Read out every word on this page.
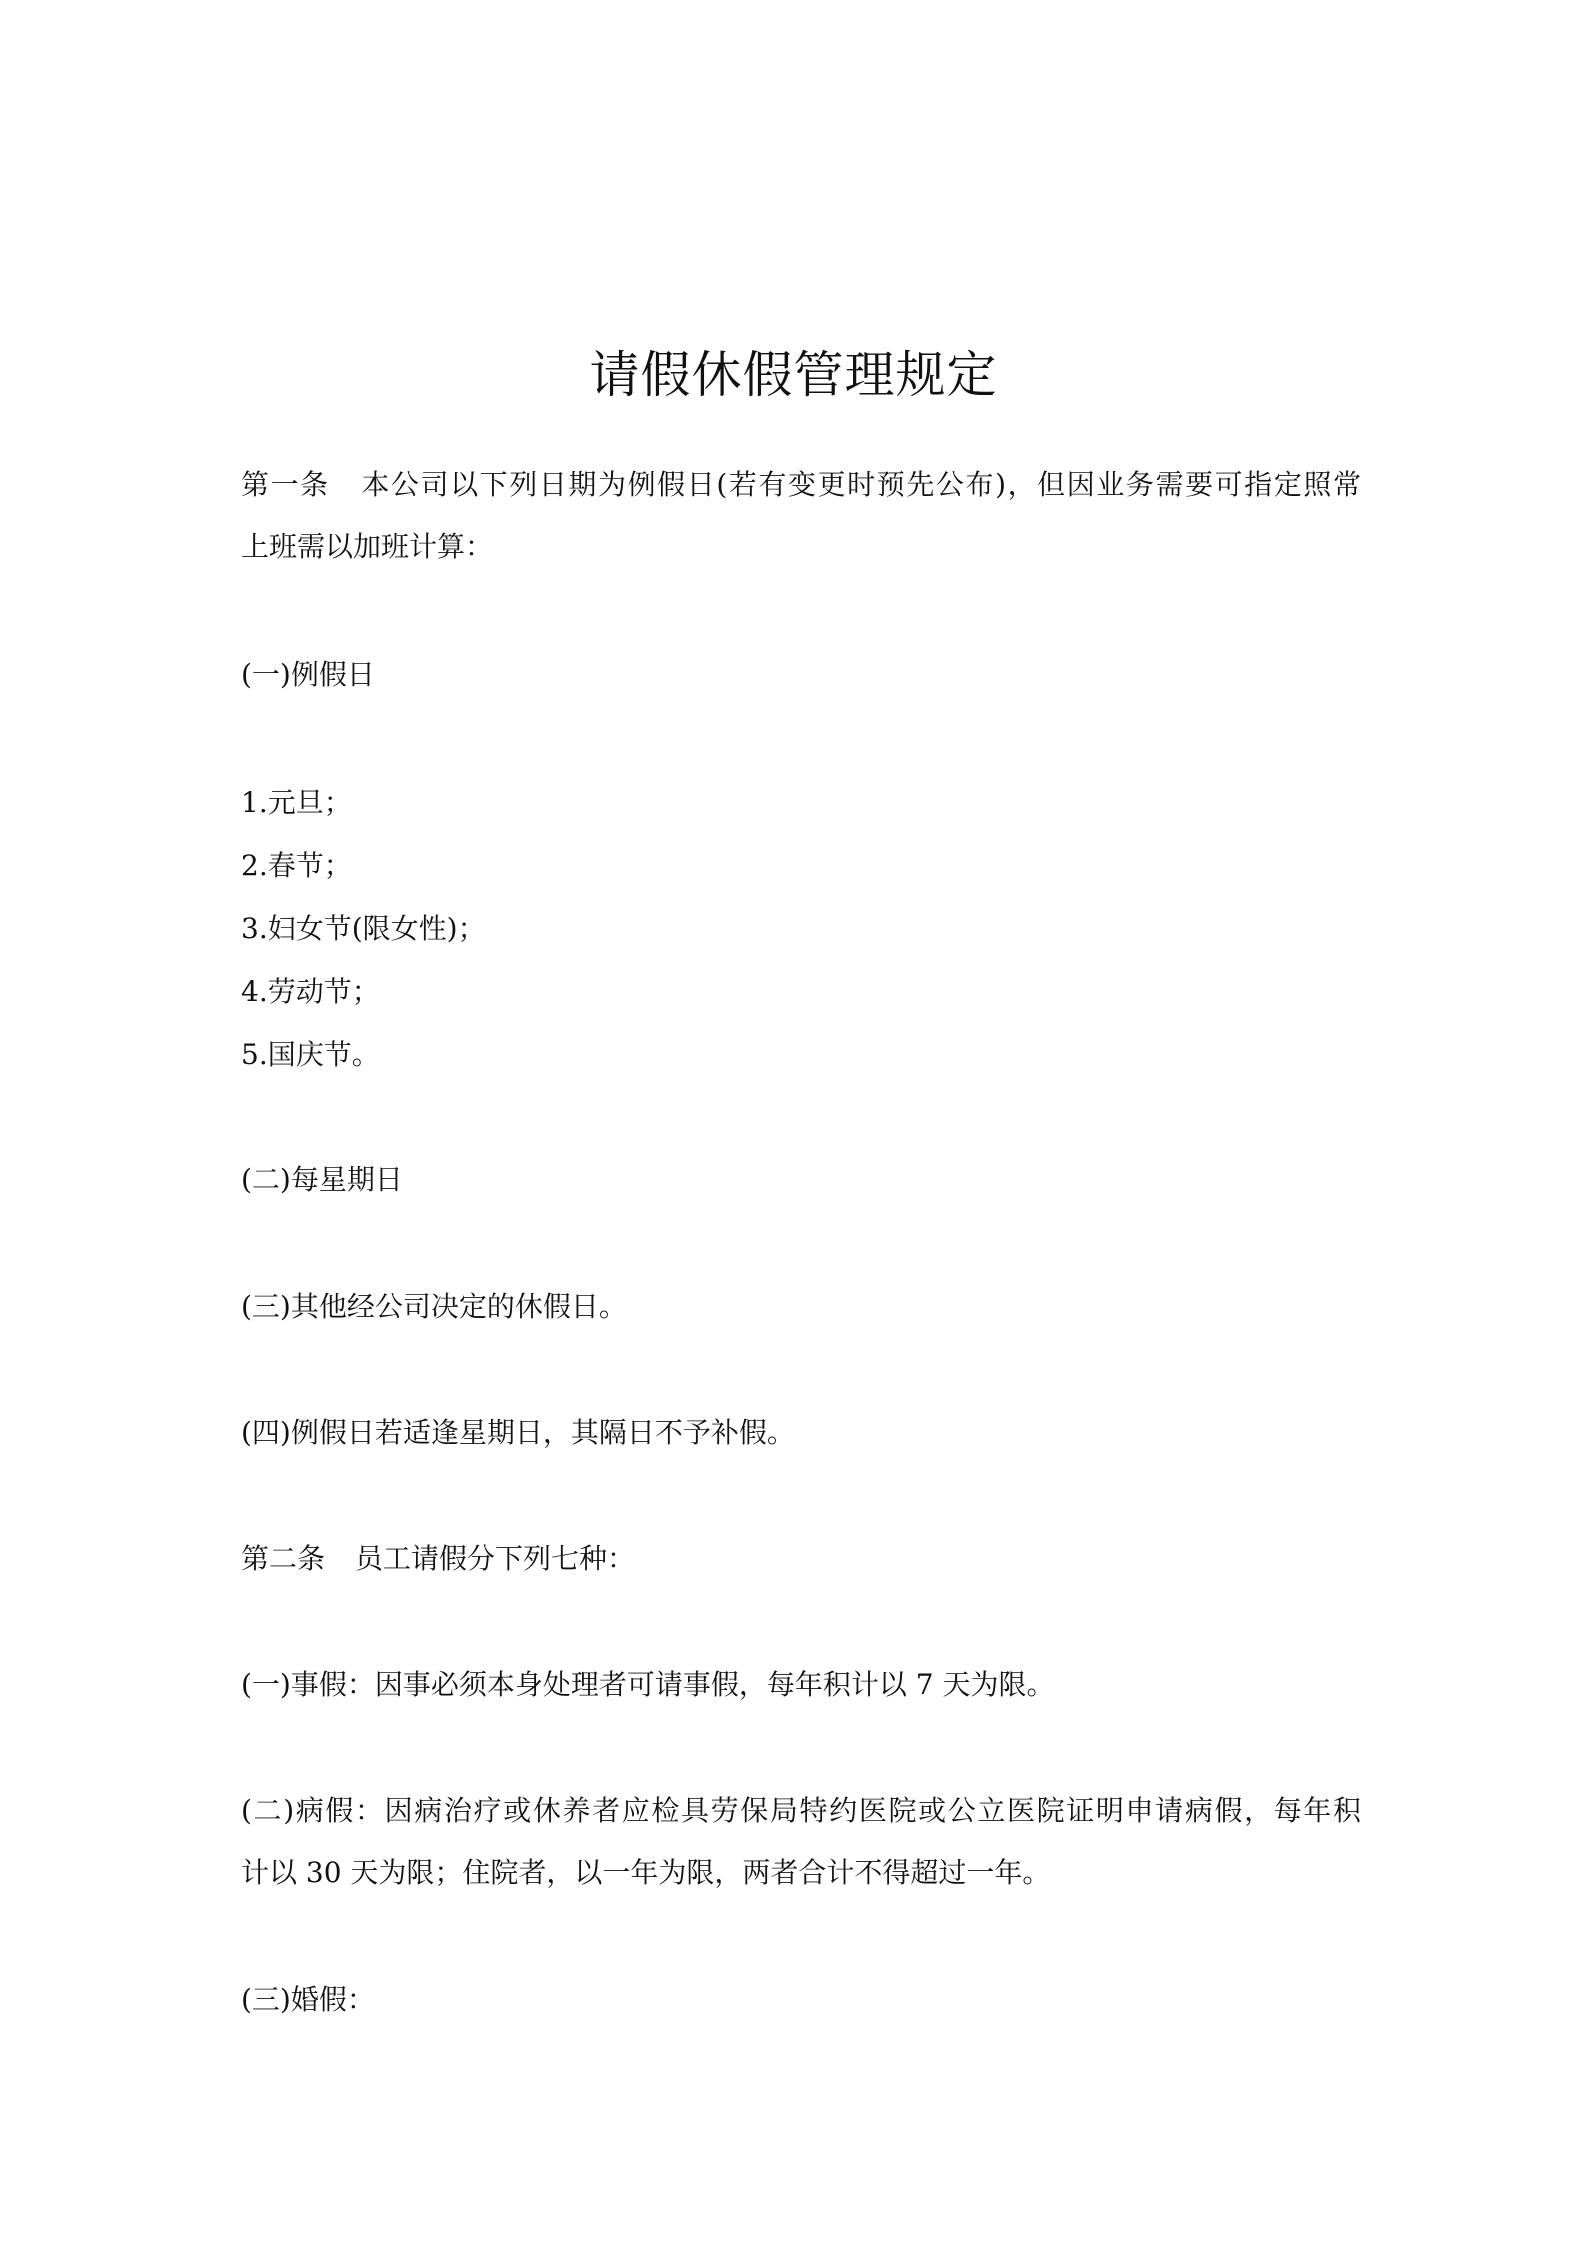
请假休假管理规定

第一条 本公司以下列日期为例假日(若有变更时预先公布)，但因业务需要可指定照常

上班需以加班计算：

(一)例假日

1.元旦；

2.春节；

3.妇女节(限女性)；

4.劳动节；

5.国庆节。

(二)每星期日

(三)其他经公司决定的休假日。

(四)例假日若适逢星期日，其隔日不予补假。

第二条 员工请假分下列七种：

(一)事假：因事必须本身处理者可请事假，每年积计以 7 天为限。

(二)病假：因病治疗或休养者应检具劳保局特约医院或公立医院证明申请病假，每年积

计以 30 天为限；住院者，以一年为限，两者合计不得超过一年。

(三)婚假：
